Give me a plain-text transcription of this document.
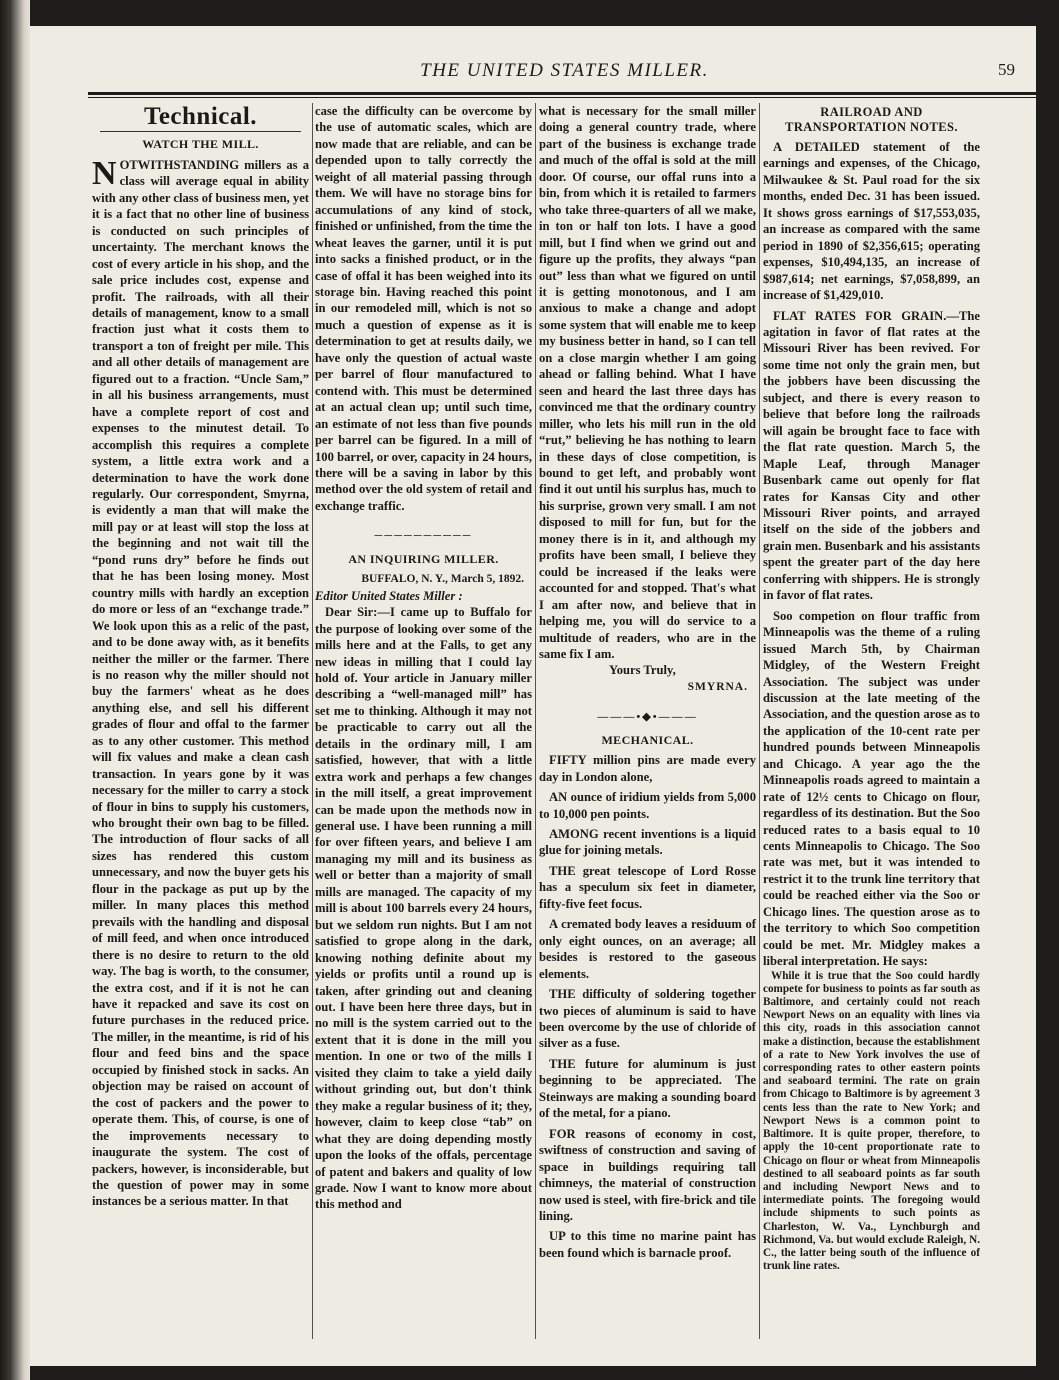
THE UNITED STATES MILLER.	59
Technical.
WATCH THE MILL.

NOTWITHSTANDING millers as a class will average equal in ability with any other class of business men, yet it is a fact that no other line of business is conducted on such principles of uncertainty. The merchant knows the cost of every article in his shop, and the sale price includes cost, expense and profit. The railroads, with all their details of management, know to a small fraction just what it costs them to transport a ton of freight per mile. This and all other details of management are figured out to a fraction. “Uncle Sam,” in all his business arrangements, must have a complete report of cost and expenses to the minutest detail. To accomplish this requires a complete system, a little extra work and a determination to have the work done regularly. Our correspondent, Smyrna, is evidently a man that will make the mill pay or at least will stop the loss at the beginning and not wait till the “pond runs dry” before he finds out that he has been losing money. Most country mills with hardly an exception do more or less of an “exchange trade.” We look upon this as a relic of the past, and to be done away with, as it benefits neither the miller or the farmer. There is no reason why the miller should not buy the farmers' wheat as he does anything else, and sell his different grades of flour and offal to the farmer as to any other customer. This method will fix values and make a clean cash transaction. In years gone by it was necessary for the miller to carry a stock of flour in bins to supply his customers, who brought their own bag to be filled. The introduction of flour sacks of all sizes has rendered this custom unnecessary, and now the buyer gets his flour in the package as put up by the miller. In many places this method prevails with the handling and disposal of mill feed, and when once introduced there is no desire to return to the old way. The bag is worth, to the consumer, the extra cost, and if it is not he can have it repacked and save its cost on future purchases in the reduced price. The miller, in the meantime, is rid of his flour and feed bins and the space occupied by finished stock in sacks. An objection may be raised on account of the cost of packers and the power to operate them. This, of course, is one of the improvements necessary to inaugurate the system. The cost of packers, however, is inconsiderable, but the question of power may in some instances be a serious matter. In that

case the difficulty can be overcome by the use of automatic scales, which are now made that are reliable, and can be depended upon to tally correctly the weight of all material passing through them. We will have no storage bins for accumulations of any kind of stock, finished or unfinished, from the time the wheat leaves the garner, until it is put into sacks a finished product, or in the case of offal it has been weighed into its storage bin. Having reached this point in our remodeled mill, which is not so much a question of expense as it is determination to get at results daily, we have only the question of actual waste per barrel of flour manufactured to contend with. This must be determined at an actual clean up; until such time, an estimate of not less than five pounds per barrel can be figured. In a mill of 100 barrel, or over, capacity in 24 hours, there will be a saving in labor by this method over the old system of retail and exchange traffic.

──────────
AN INQUIRING MILLER.
BUFFALO, N. Y., March 5, 1892.
Editor United States Miller :

Dear Sir:—I came up to Buffalo for the purpose of looking over some of the mills here and at the Falls, to get any new ideas in milling that I could lay hold of. Your article in January miller describing a “well-managed mill” has set me to thinking. Although it may not be practicable to carry out all the details in the ordinary mill, I am satisfied, however, that with a little extra work and perhaps a few changes in the mill itself, a great improvement can be made upon the methods now in general use. I have been running a mill for over fifteen years, and believe I am managing my mill and its business as well or better than a majority of small mills are managed. The capacity of my mill is about 100 barrels every 24 hours, but we seldom run nights. But I am not satisfied to grope along in the dark, knowing nothing definite about my yields or profits until a round up is taken, after grinding out and cleaning out. I have been here three days, but in no mill is the system carried out to the extent that it is done in the mill you mention. In one or two of the mills I visited they claim to take a yield daily without grinding out, but don't think they make a regular business of it; they, however, claim to keep close “tab” on what they are doing depending mostly upon the looks of the offals, percentage of patent and bakers and quality of low grade. Now I want to know more about this method and

what is necessary for the small miller doing a general country trade, where part of the business is exchange trade and much of the offal is sold at the mill door. Of course, our offal runs into a bin, from which it is retailed to farmers who take three-quarters of all we make, in ton or half ton lots. I have a good mill, but I find when we grind out and figure up the profits, they always “pan out” less than what we figured on until it is getting monotonous, and I am anxious to make a change and adopt some system that will enable me to keep my business better in hand, so I can tell on a close margin whether I am going ahead or falling behind. What I have seen and heard the last three days has convinced me that the ordinary country miller, who lets his mill run in the old “rut,” believing he has nothing to learn in these days of close competition, is bound to get left, and probably wont find it out until his surplus has, much to his surprise, grown very small. I am not disposed to mill for fun, but for the money there is in it, and although my profits have been small, I believe they could be increased if the leaks were accounted for and stopped. That's what I am after now, and believe that in helping me, you will do service to a multitude of readers, who are in the same fix I am.

Yours Truly,
SMYRNA.
———•◆•———
MECHANICAL.

FIFTY million pins are made every day in London alone,

AN ounce of iridium yields from 5,000 to 10,000 pen points.

AMONG recent inventions is a liquid glue for joining metals.

THE great telescope of Lord Rosse has a speculum six feet in diameter, fifty-five feet focus.

A cremated body leaves a residuum of only eight ounces, on an average; all besides is restored to the gaseous elements.

THE difficulty of soldering together two pieces of aluminum is said to have been overcome by the use of chloride of silver as a fuse.

THE future for aluminum is just beginning to be appreciated. The Steinways are making a sounding board of the metal, for a piano.

FOR reasons of economy in cost, swiftness of construction and saving of space in buildings requiring tall chimneys, the material of construction now used is steel, with fire-brick and tile lining.

UP to this time no marine paint has been found which is barnacle proof.

RAILROAD AND TRANSPORTATION NOTES.

A DETAILED statement of the earnings and expenses, of the Chicago, Milwaukee & St. Paul road for the six months, ended Dec. 31 has been issued. It shows gross earnings of $17,553,035, an increase as compared with the same period in 1890 of $2,356,615; operating expenses, $10,494,135, an increase of $987,614; net earnings, $7,058,899, an increase of $1,429,010.

FLAT RATES FOR GRAIN.—The agitation in favor of flat rates at the Missouri River has been revived. For some time not only the grain men, but the jobbers have been discussing the subject, and there is every reason to believe that before long the railroads will again be brought face to face with the flat rate question. March 5, the Maple Leaf, through Manager Busenbark came out openly for flat rates for Kansas City and other Missouri River points, and arrayed itself on the side of the jobbers and grain men. Busenbark and his assistants spent the greater part of the day here conferring with shippers. He is strongly in favor of flat rates.

Soo competion on flour traffic from Minneapolis was the theme of a ruling issued March 5th, by Chairman Midgley, of the Western Freight Association. The subject was under discussion at the late meeting of the Association, and the question arose as to the application of the 10-cent rate per hundred pounds between Minneapolis and Chicago. A year ago the the Minneapolis roads agreed to maintain a rate of 12½ cents to Chicago on flour, regardless of its destination. But the Soo reduced rates to a basis equal to 10 cents Minneapolis to Chicago. The Soo rate was met, but it was intended to restrict it to the trunk line territory that could be reached either via the Soo or Chicago lines. The question arose as to the territory to which Soo competition could be met. Mr. Midgley makes a liberal interpretation. He says:

While it is true that the Soo could hardly compete for business to points as far south as Baltimore, and certainly could not reach Newport News on an equality with lines via this city, roads in this association cannot make a distinction, because the establishment of a rate to New York involves the use of corresponding rates to other eastern points and seaboard termini. The rate on grain from Chicago to Baltimore is by agreement 3 cents less than the rate to New York; and Newport News is a common point to Baltimore. It is quite proper, therefore, to apply the 10-cent proportionate rate to Chicago on flour or wheat from Minneapolis destined to all seaboard points as far south and including Newport News and to intermediate points. The foregoing would include shipments to such points as Charleston, W. Va., Lynchburgh and Richmond, Va. but would exclude Raleigh, N. C., the latter being south of the influence of trunk line rates.
